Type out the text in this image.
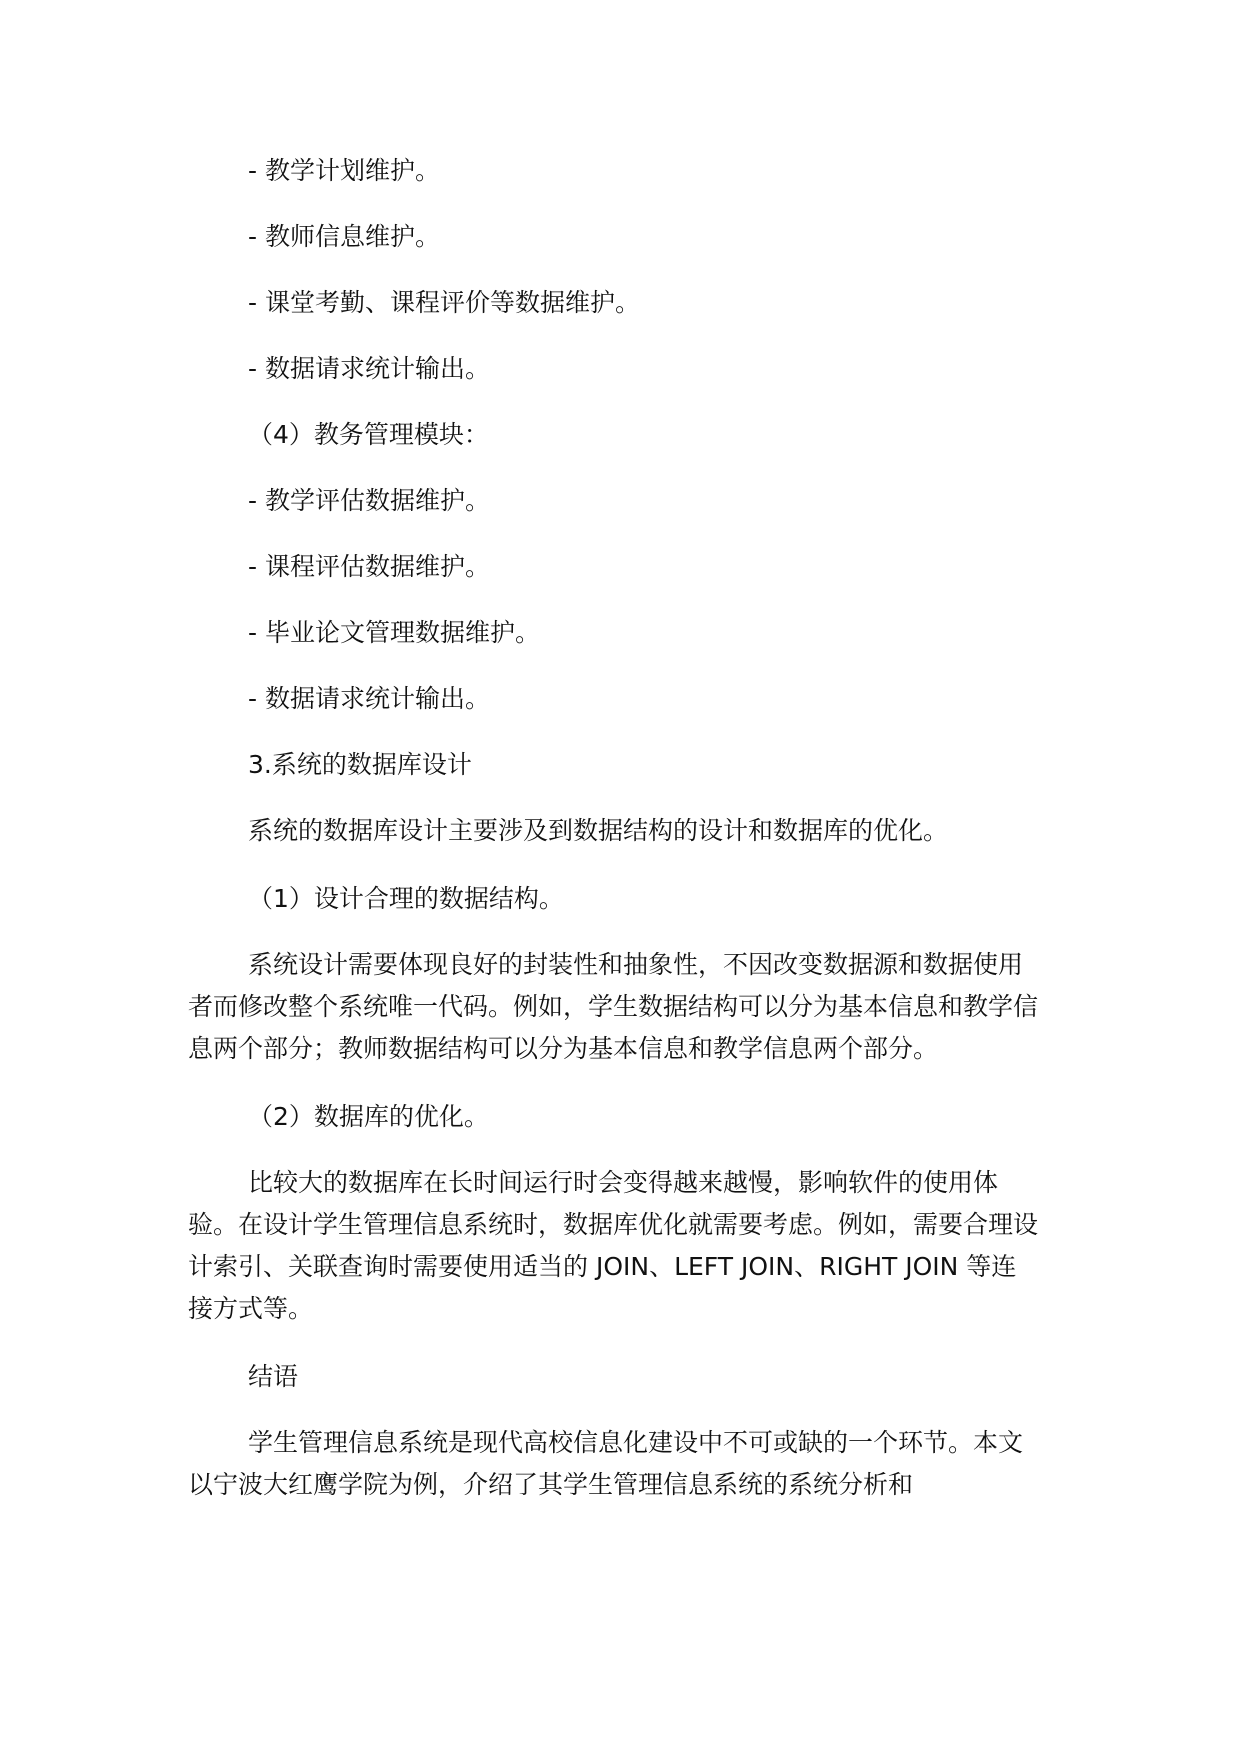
- 教学计划维护。

- 教师信息维护。

- 课堂考勤、课程评价等数据维护。

- 数据请求统计输出。

（4）教务管理模块：

- 教学评估数据维护。

- 课程评估数据维护。

- 毕业论文管理数据维护。

- 数据请求统计输出。

3.系统的数据库设计

系统的数据库设计主要涉及到数据结构的设计和数据库的优化。

（1）设计合理的数据结构。

系统设计需要体现良好的封装性和抽象性，不因改变数据源和数据使用者而修改整个系统唯一代码。例如，学生数据结构可以分为基本信息和教学信息两个部分；教师数据结构可以分为基本信息和教学信息两个部分。

（2）数据库的优化。

比较大的数据库在长时间运行时会变得越来越慢，影响软件的使用体验。在设计学生管理信息系统时，数据库优化就需要考虑。例如，需要合理设计索引、关联查询时需要使用适当的 JOIN、LEFT JOIN、RIGHT JOIN 等连接方式等。

结语

学生管理信息系统是现代高校信息化建设中不可或缺的一个环节。本文以宁波大红鹰学院为例，介绍了其学生管理信息系统的系统分析和
